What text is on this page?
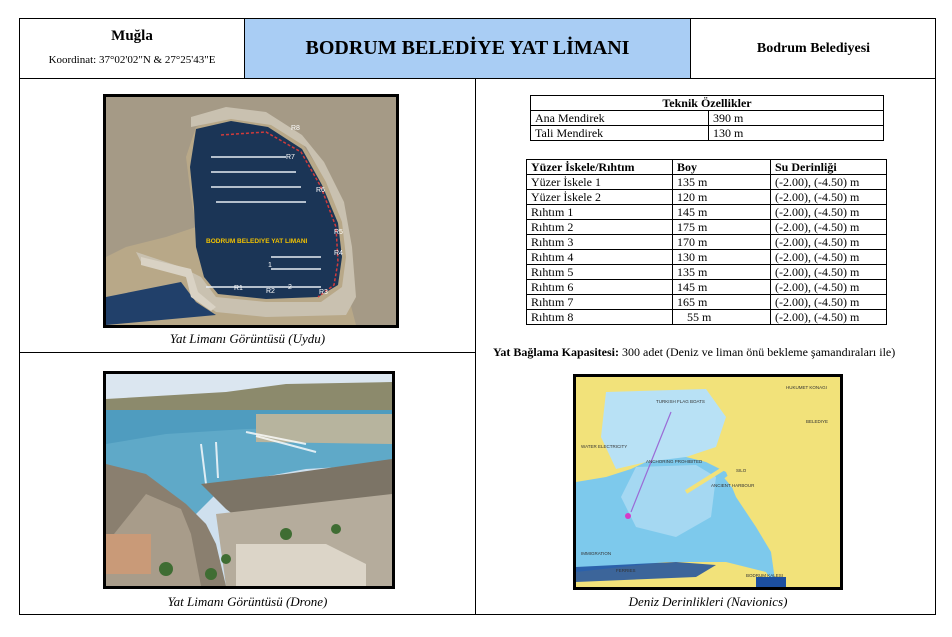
Muğla
Koordinat: 37°02'02"N & 27°25'43"E
BODRUM BELEDİYE YAT LİMANI	Bodrum Belediyesi
R8
R7
R6
R5
R4
R3
R2
R1
1
2
BODRUM BELEDIYE YAT LIMANI
Yat Limanı Görüntüsü (Uydu)
Yat Limanı Görüntüsü (Drone)
Teknik Özellikler	
Ana Mendirek	390 m
Tali Mendirek	130 m
Yüzer İskele/Rıhtım	Boy	Su Derinliği
Yüzer İskele 1	135 m	(-2.00), (-4.50) m
Yüzer İskele 2	120 m	(-2.00), (-4.50) m
Rıhtım 1	145 m	(-2.00), (-4.50) m
Rıhtım 2	175 m	(-2.00), (-4.50) m
Rıhtım 3	170 m	(-2.00), (-4.50) m
Rıhtım 4	130 m	(-2.00), (-4.50) m
Rıhtım 5	135 m	(-2.00), (-4.50) m
Rıhtım 6	145 m	(-2.00), (-4.50) m
Rıhtım 7	165 m	(-2.00), (-4.50) m
Rıhtım 8	55 m	(-2.00), (-4.50) m
Yat Bağlama Kapasitesi: 300 adet (Deniz ve liman önü bekleme şamandıraları ile)
HUKUMET KONAGI
BELEDIYE
TURKISH FLAG BOATS
ANCHORING PROHIBITED
WATER ELECTRICITY
ANCIENT HARBOUR
IMMIGRATION
FERRIES
BODRUM KALESI
SILO
Deniz Derinlikleri (Navionics)
